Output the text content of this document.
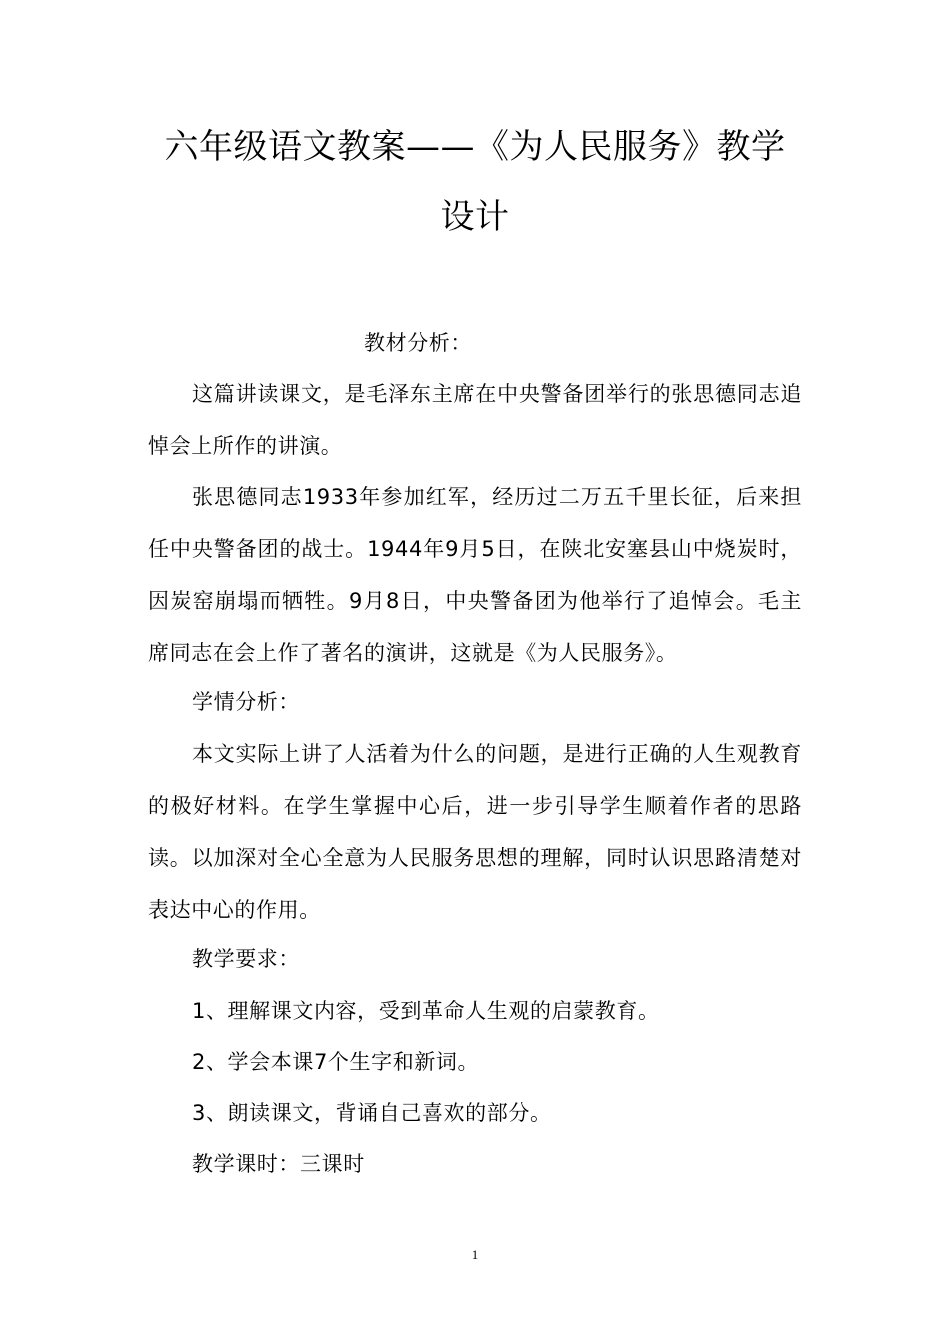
六年级语文教案——《为人民服务》教学设计

教材分析：

这篇讲读课文，是毛泽东主席在中央警备团举行的张思德同志追悼会上所作的讲演。

张思德同志1933年参加红军，经历过二万五千里长征，后来担任中央警备团的战士。1944年9月5日，在陕北安塞县山中烧炭时，因炭窑崩塌而牺牲。9月8日，中央警备团为他举行了追悼会。毛主席同志在会上作了著名的演讲，这就是《为人民服务》。

学情分析：

本文实际上讲了人活着为什么的问题，是进行正确的人生观教育的极好材料。在学生掌握中心后，进一步引导学生顺着作者的思路读。以加深对全心全意为人民服务思想的理解，同时认识思路清楚对表达中心的作用。

教学要求：

1、理解课文内容，受到革命人生观的启蒙教育。

2、学会本课7个生字和新词。

3、朗读课文，背诵自己喜欢的部分。

教学课时：三课时

1
